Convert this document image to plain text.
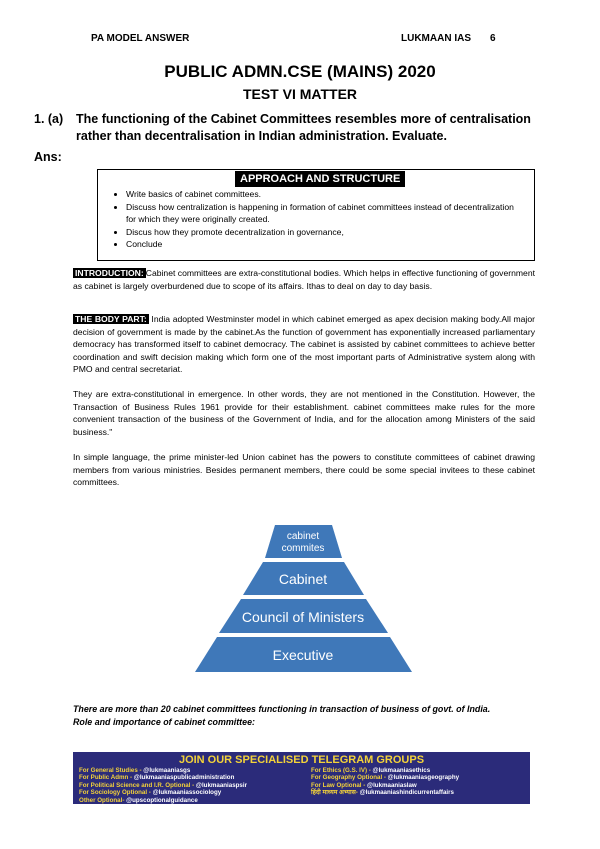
PA MODEL ANSWER	LUKMAAN IAS 6
PUBLIC ADMN.CSE (MAINS) 2020
TEST VI MATTER
1. (a) The functioning of the Cabinet Committees resembles more of centralisation
rather than decentralisation in Indian administration. Evaluate.
Ans:
APPROACH AND STRUCTURE
• Write basics of cabinet committees.
• Discuss how centralization is happening in formation of cabinet committees instead of decentralization for which they were originally created.
• Discus how they promote decentralization in governance,
• Conclude
INTRODUCTION: Cabinet committees are extra-constitutional bodies. Which helps in effective functioning of government as cabinet is largely overburdened due to scope of its affairs. Ithas to deal on day to day basis.
THE BODY PART: India adopted Westminster model in which cabinet emerged as apex decision making body.All major decision of government is made by the cabinet.As the function of government has exponentially increased parliamentary democracy has transformed itself to cabinet democracy. The cabinet is assisted by cabinet committees to achieve better coordination and swift decision making which form one of the most important parts of Administrative system along with PMO and central secretariat.
They are extra-constitutional in emergence. In other words, they are not mentioned in the Constitution. However, the Transaction of Business Rules 1961 provide for their establishment. cabinet committees make rules for the more convenient transaction of the business of the Government of India, and for the allocation among Ministers of the said business."
In simple language, the prime minister-led Union cabinet has the powers to constitute committees of cabinet drawing members from various ministries. Besides permanent members, there could be some special invitees to these cabinet committees.
cabinet
commites
Cabinet
Council of Ministers
Executive
There are more than 20 cabinet committees functioning in transaction of business of govt. of India.
Role and importance of cabinet committee:
JOIN OUR SPECIALISED TELEGRAM GROUPS
For General Studies - @lukmaaniasgs
For Public Admn - @lukmaaniaspublicadministration
For Political Science and I.R. Optional - @lukmaaniaspsir
For Sociology Optional - @lukmaaniassociology
Other Optional- @upscoptionalguidance
For Ethics (G.S. IV) - @lukmaaniasethics
For Geography Optional - @lukmaaniasgeography
For Law Optional - @lukmaaniaslaw
हिंदी माध्यम अभ्यास- @lukmaaniashindicurrentaffairs
